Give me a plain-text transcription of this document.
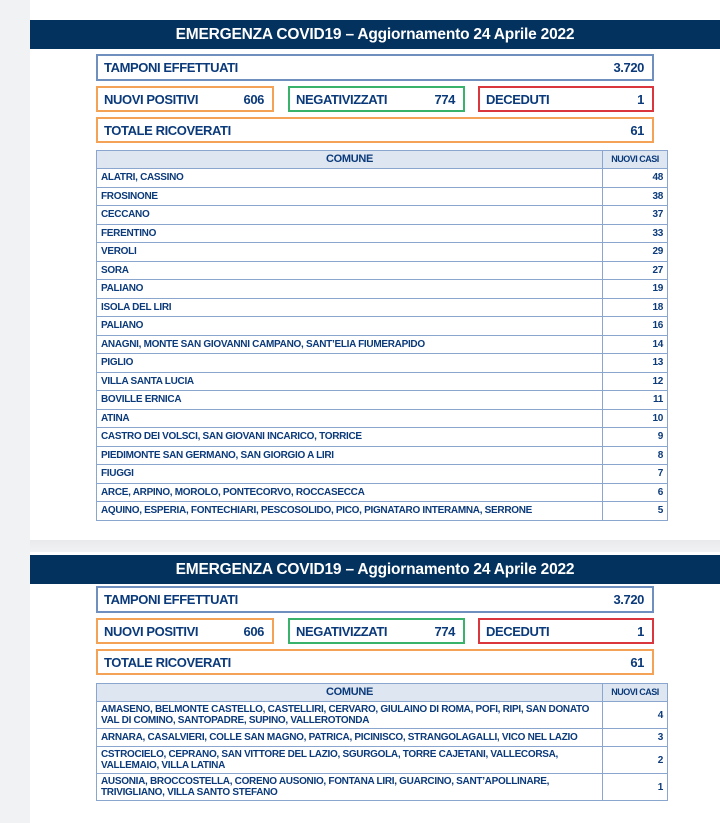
EMERGENZA COVID19 – Aggiornamento 24 Aprile 2022
TAMPONI EFFETTUATI	3.720
NUOVI POSITIVI	606 NEGATIVIZZATI	774 DECEDUTI	1
TOTALE RICOVERATI	61
COMUNE	NUOVI CASI
ALATRI, CASSINO	48
FROSINONE	38
CECCANO	37
FERENTINO	33
VEROLI	29
SORA	27
PALIANO	19
ISOLA DEL LIRI	18
PALIANO	16
ANAGNI, MONTE SAN GIOVANNI CAMPANO, SANT’ELIA FIUMERAPIDO	14
PIGLIO	13
VILLA SANTA LUCIA	12
BOVILLE ERNICA	11
ATINA	10
CASTRO DEI VOLSCI, SAN GIOVANI INCARICO, TORRICE	9
PIEDIMONTE SAN GERMANO, SAN GIORGIO A LIRI	8
FIUGGI	7
ARCE, ARPINO, MOROLO, PONTECORVO, ROCCASECCA	6
AQUINO, ESPERIA, FONTECHIARI, PESCOSOLIDO, PICO, PIGNATARO INTERAMNA, SERRONE	5
EMERGENZA COVID19 – Aggiornamento 24 Aprile 2022
TAMPONI EFFETTUATI	3.720
NUOVI POSITIVI	606 NEGATIVIZZATI	774 DECEDUTI	1
TOTALE RICOVERATI	61
COMUNE	NUOVI CASI
AMASENO, BELMONTE CASTELLO, CASTELLIRI, CERVARO, GIULAINO DI ROMA, POFI, RIPI, SAN DONATO VAL DI COMINO, SANTOPADRE, SUPINO, VALLEROTONDA	4
ARNARA, CASALVIERI, COLLE SAN MAGNO, PATRICA, PICINISCO, STRANGOLAGALLI, VICO NEL LAZIO	3
CSTROCIELO, CEPRANO, SAN VITTORE DEL LAZIO, SGURGOLA, TORRE CAJETANI, VALLECORSA, VALLEMAIO, VILLA LATINA	2
AUSONIA, BROCCOSTELLA, CORENO AUSONIO, FONTANA LIRI, GUARCINO, SANT’APOLLINARE, TRIVIGLIANO, VILLA SANTO STEFANO	1
